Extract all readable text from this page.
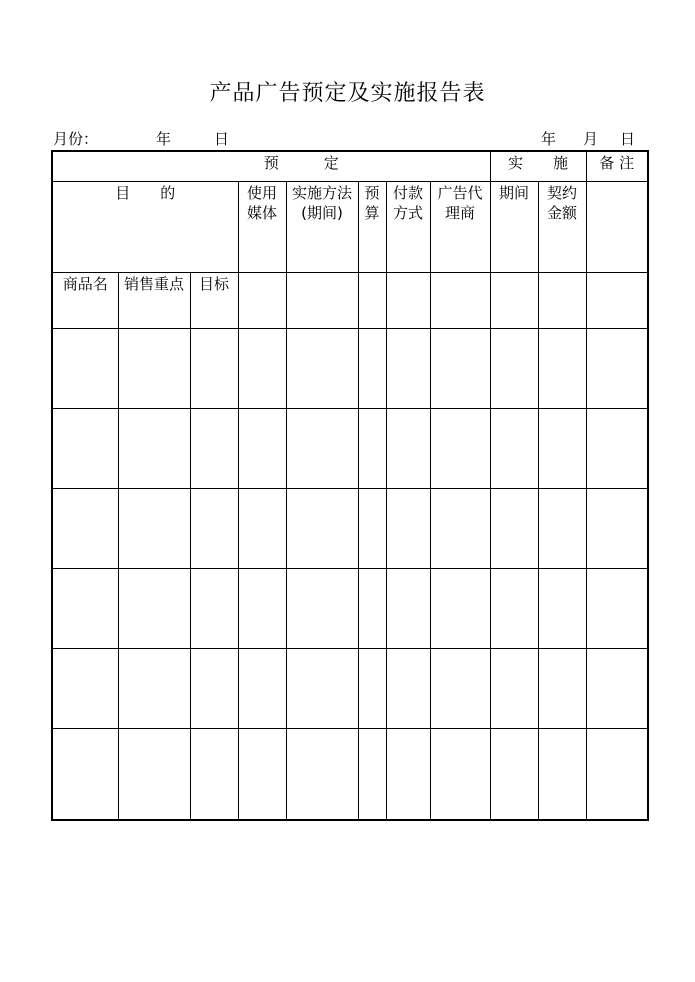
产品广告预定及实施报告表
月份：	年	日	年 月 日
预　　　定								实　　施		备 注
目　　的			使用媒体	实施方法(期间)	预算	付款方式	广告代理商	期间	契约金额	
商品名	销售重点	目标								
